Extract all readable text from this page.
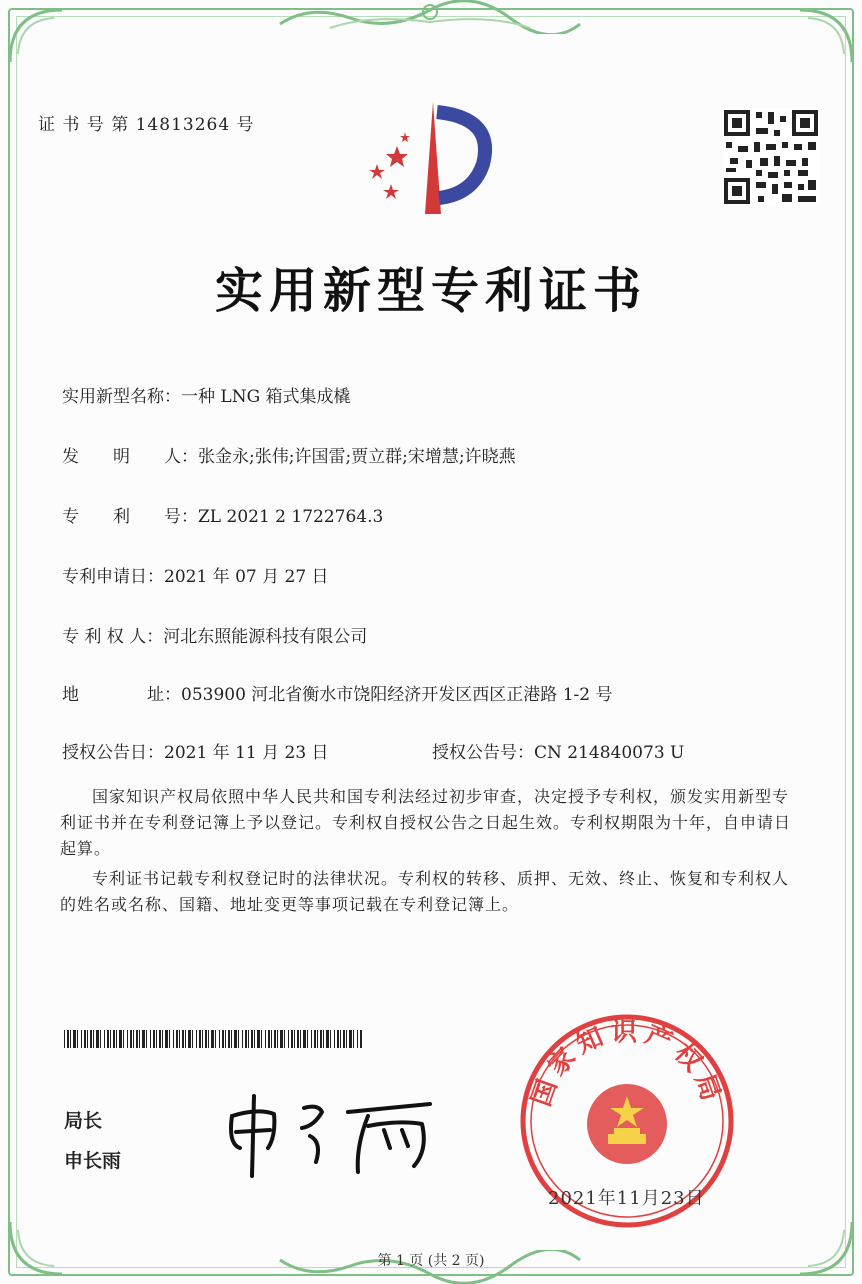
证 书 号 第 14813264 号
实用新型专利证书
实用新型名称：一种 LNG 箱式集成橇
发　　明　　人：张金永;张伟;许国雷;贾立群;宋增慧;许晓燕
专　　利　　号：ZL 2021 2 1722764.3
专利申请日：2021 年 07 月 27 日
专 利 权 人：河北东照能源科技有限公司
地　　　　址：053900 河北省衡水市饶阳经济开发区西区正港路 1-2 号
授权公告日：2021 年 11 月 23 日	授权公告号：CN 214840073 U
国家知识产权局依照中华人民共和国专利法经过初步审查，决定授予专利权，颁发实用新型专利证书并在专利登记簿上予以登记。专利权自授权公告之日起生效。专利权期限为十年，自申请日起算。
专利证书记载专利权登记时的法律状况。专利权的转移、质押、无效、终止、恢复和专利权人的姓名或名称、国籍、地址变更等事项记载在专利登记簿上。
局长
申长雨
国家知识产权局
2021年11月23日
第 1 页 (共 2 页)
